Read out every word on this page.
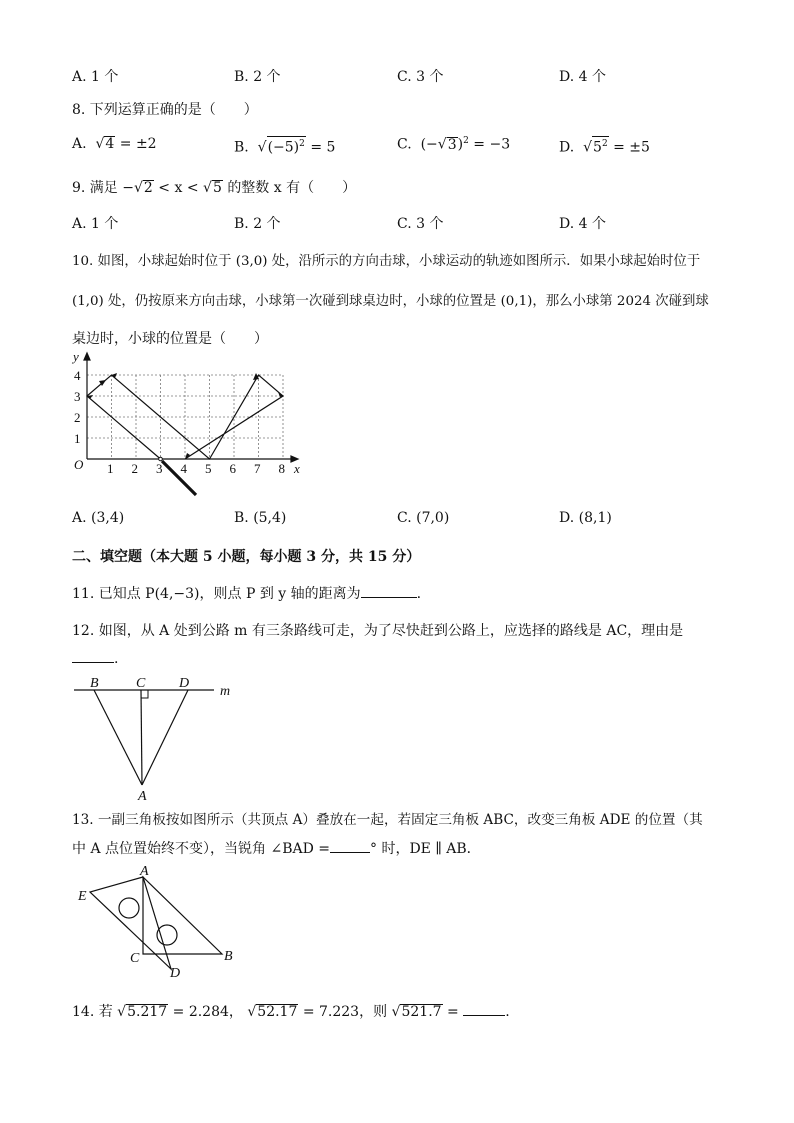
A. 1 个	B. 2 个	C. 3 个	D. 4 个
8. 下列运算正确的是（　　）
A.  √4 = ±2	B.  $√(-5)^2 = 5$	C. $(-√3)^2 = -3$	D.  $√5^2 = \pm 5$
9. 满足 −√2 < x < √5 的整数 x 有（　　）
A. 1 个	B. 2 个	C. 3 个	D. 4 个
10. 如图，小球起始时位于 (3,0) 处，沿所示的方向击球，小球运动的轨迹如图所示．如果小球起始时位于
(1,0) 处，仍按原来方向击球，小球第一次碰到球桌边时，小球的位置是 (0,1)，那么小球第 2024 次碰到球
桌边时，小球的位置是（　　）
y
x
O 1 2 3 4 5 6 7 8
1
2
3
4
A. (3,4)	B. (5,4)	C. (7,0)	D. (8,1)
二、填空题（本大题 5 小题，每小题 3 分，共 15 分）
11. 已知点 P(4,−3)，则点 P 到 y 轴的距离为	.
12. 如图，从 A 处到公路 m 有三条路线可走，为了尽快赶到公路上，应选择的路线是 AC，理由是
.
B	C D
m
A
13. 一副三角板按如图所示（共顶点 A）叠放在一起，若固定三角板 ABC，改变三角板 ADE 的位置（其
中 A 点位置始终不变），当锐角 ∠BAD =	° 时，DE ∥ AB．
A
E
C
D
B
14. 若 √5.217 = 2.284， √52.17 = 7.223，则 √521.7 =	.
